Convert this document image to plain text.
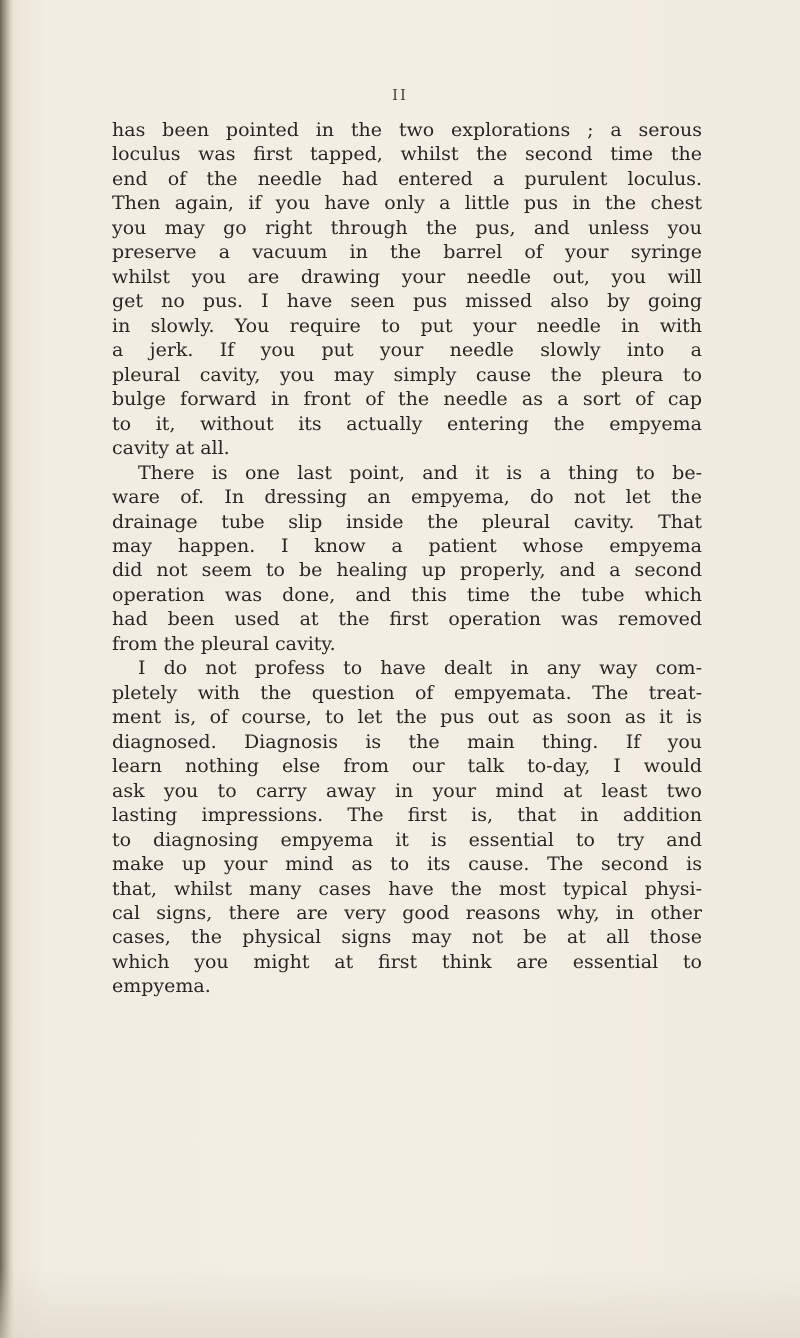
II
has been pointed in the two explorations ; a serous
loculus was first tapped, whilst the second time the
end of the needle had entered a purulent loculus.
Then again, if you have only a little pus in the chest
you may go right through the pus, and unless you
preserve a vacuum in the barrel of your syringe
whilst you are drawing your needle out, you will
get no pus. I have seen pus missed also by going
in slowly. You require to put your needle in with
a jerk. If you put your needle slowly into a
pleural cavity, you may simply cause the pleura to
bulge forward in front of the needle as a sort of cap
to it, without its actually entering the empyema
cavity at all.
There is one last point, and it is a thing to be-
ware of. In dressing an empyema, do not let the
drainage tube slip inside the pleural cavity. That
may happen. I know a patient whose empyema
did not seem to be healing up properly, and a second
operation was done, and this time the tube which
had been used at the first operation was removed
from the pleural cavity.
I do not profess to have dealt in any way com-
pletely with the question of empyemata. The treat-
ment is, of course, to let the pus out as soon as it is
diagnosed. Diagnosis is the main thing. If you
learn nothing else from our talk to-day, I would
ask you to carry away in your mind at least two
lasting impressions. The first is, that in addition
to diagnosing empyema it is essential to try and
make up your mind as to its cause. The second is
that, whilst many cases have the most typical physi-
cal signs, there are very good reasons why, in other
cases, the physical signs may not be at all those
which you might at first think are essential to
empyema.
